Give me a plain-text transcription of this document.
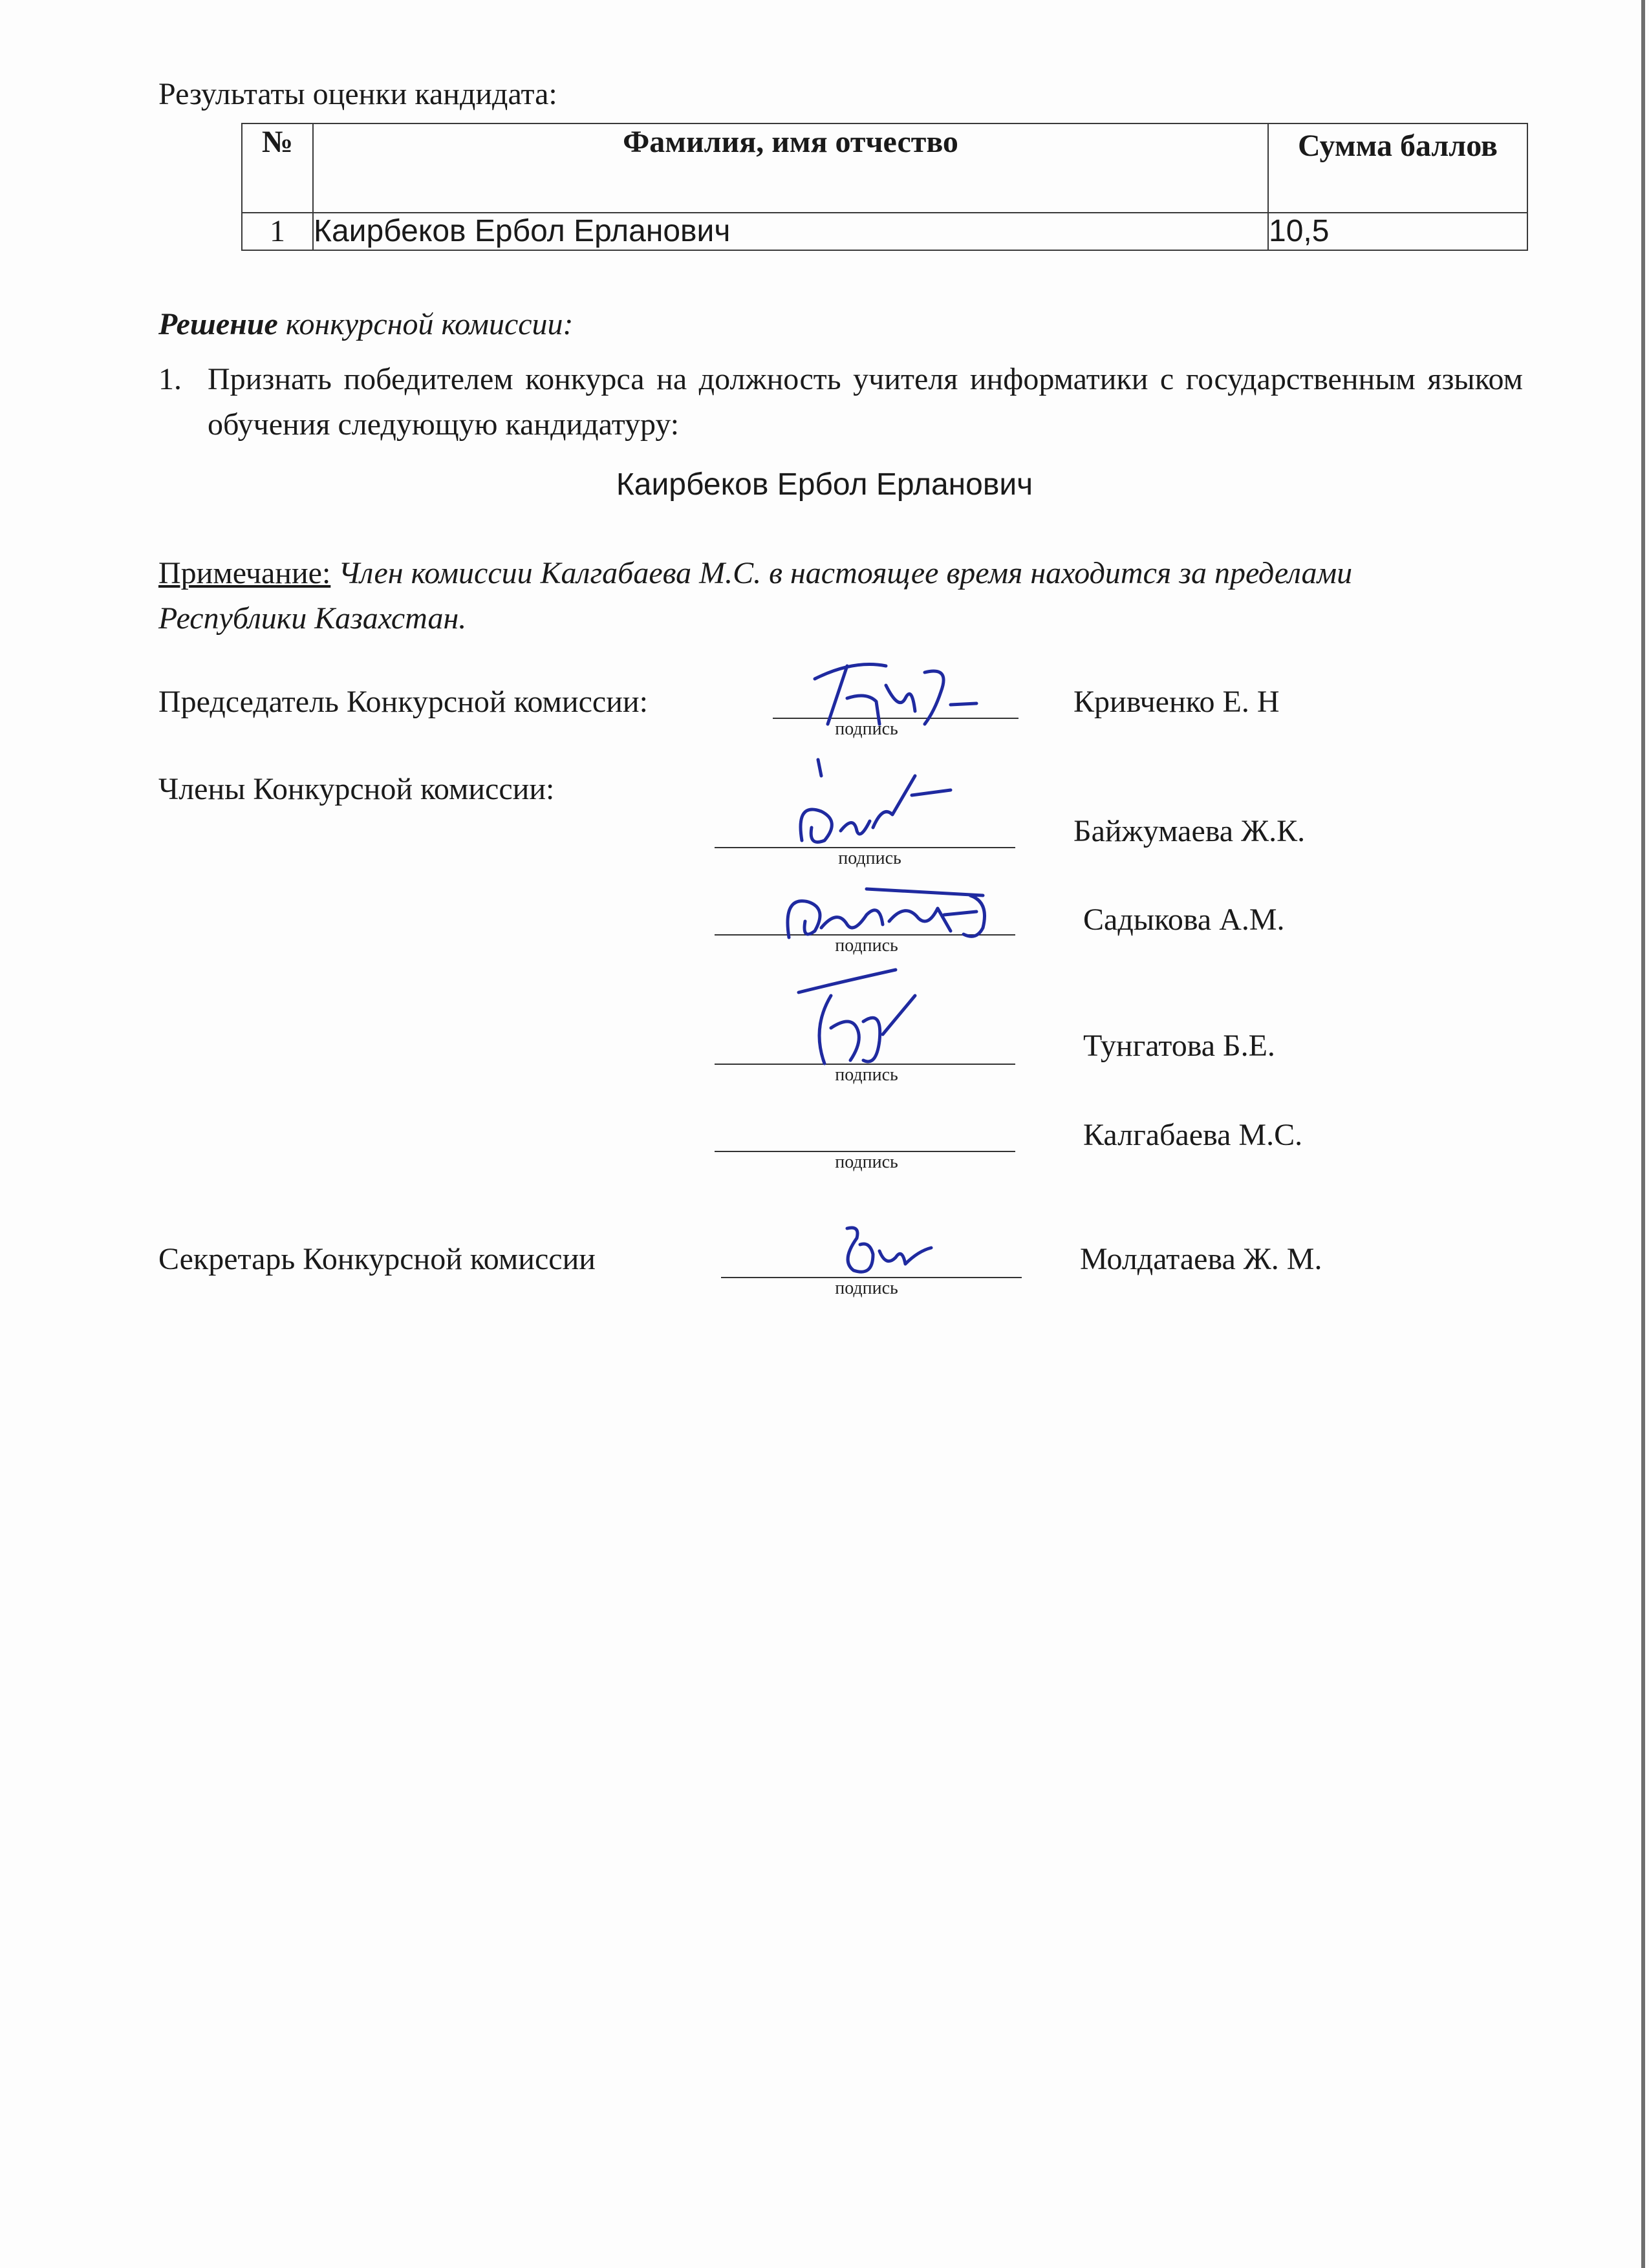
Результаты оценки кандидата:
№	Фамилия, имя отчество	Сумма баллов
1	Каирбеков Ербол Ерланович	10,5
Решение конкурсной комиссии:
1. Признать победителем конкурса на должность учителя информатики с государственным языком обучения следующую кандидатуру:
Каирбеков Ербол Ерланович
Примечание: Член комиссии Калгабаева М.С. в настоящее время находится за пределами Республики Казахстан.
Председатель Конкурсной комиссии:
подпись
Кривченко Е. Н
Члены Конкурсной комиссии:
подпись
Байжумаева Ж.К.
подпись
Садыкова А.М.
подпись
Тунгатова Б.Е.
подпись
Калгабаева М.С.
Секретарь Конкурсной комиссии
подпись
Молдатаева Ж. М.
